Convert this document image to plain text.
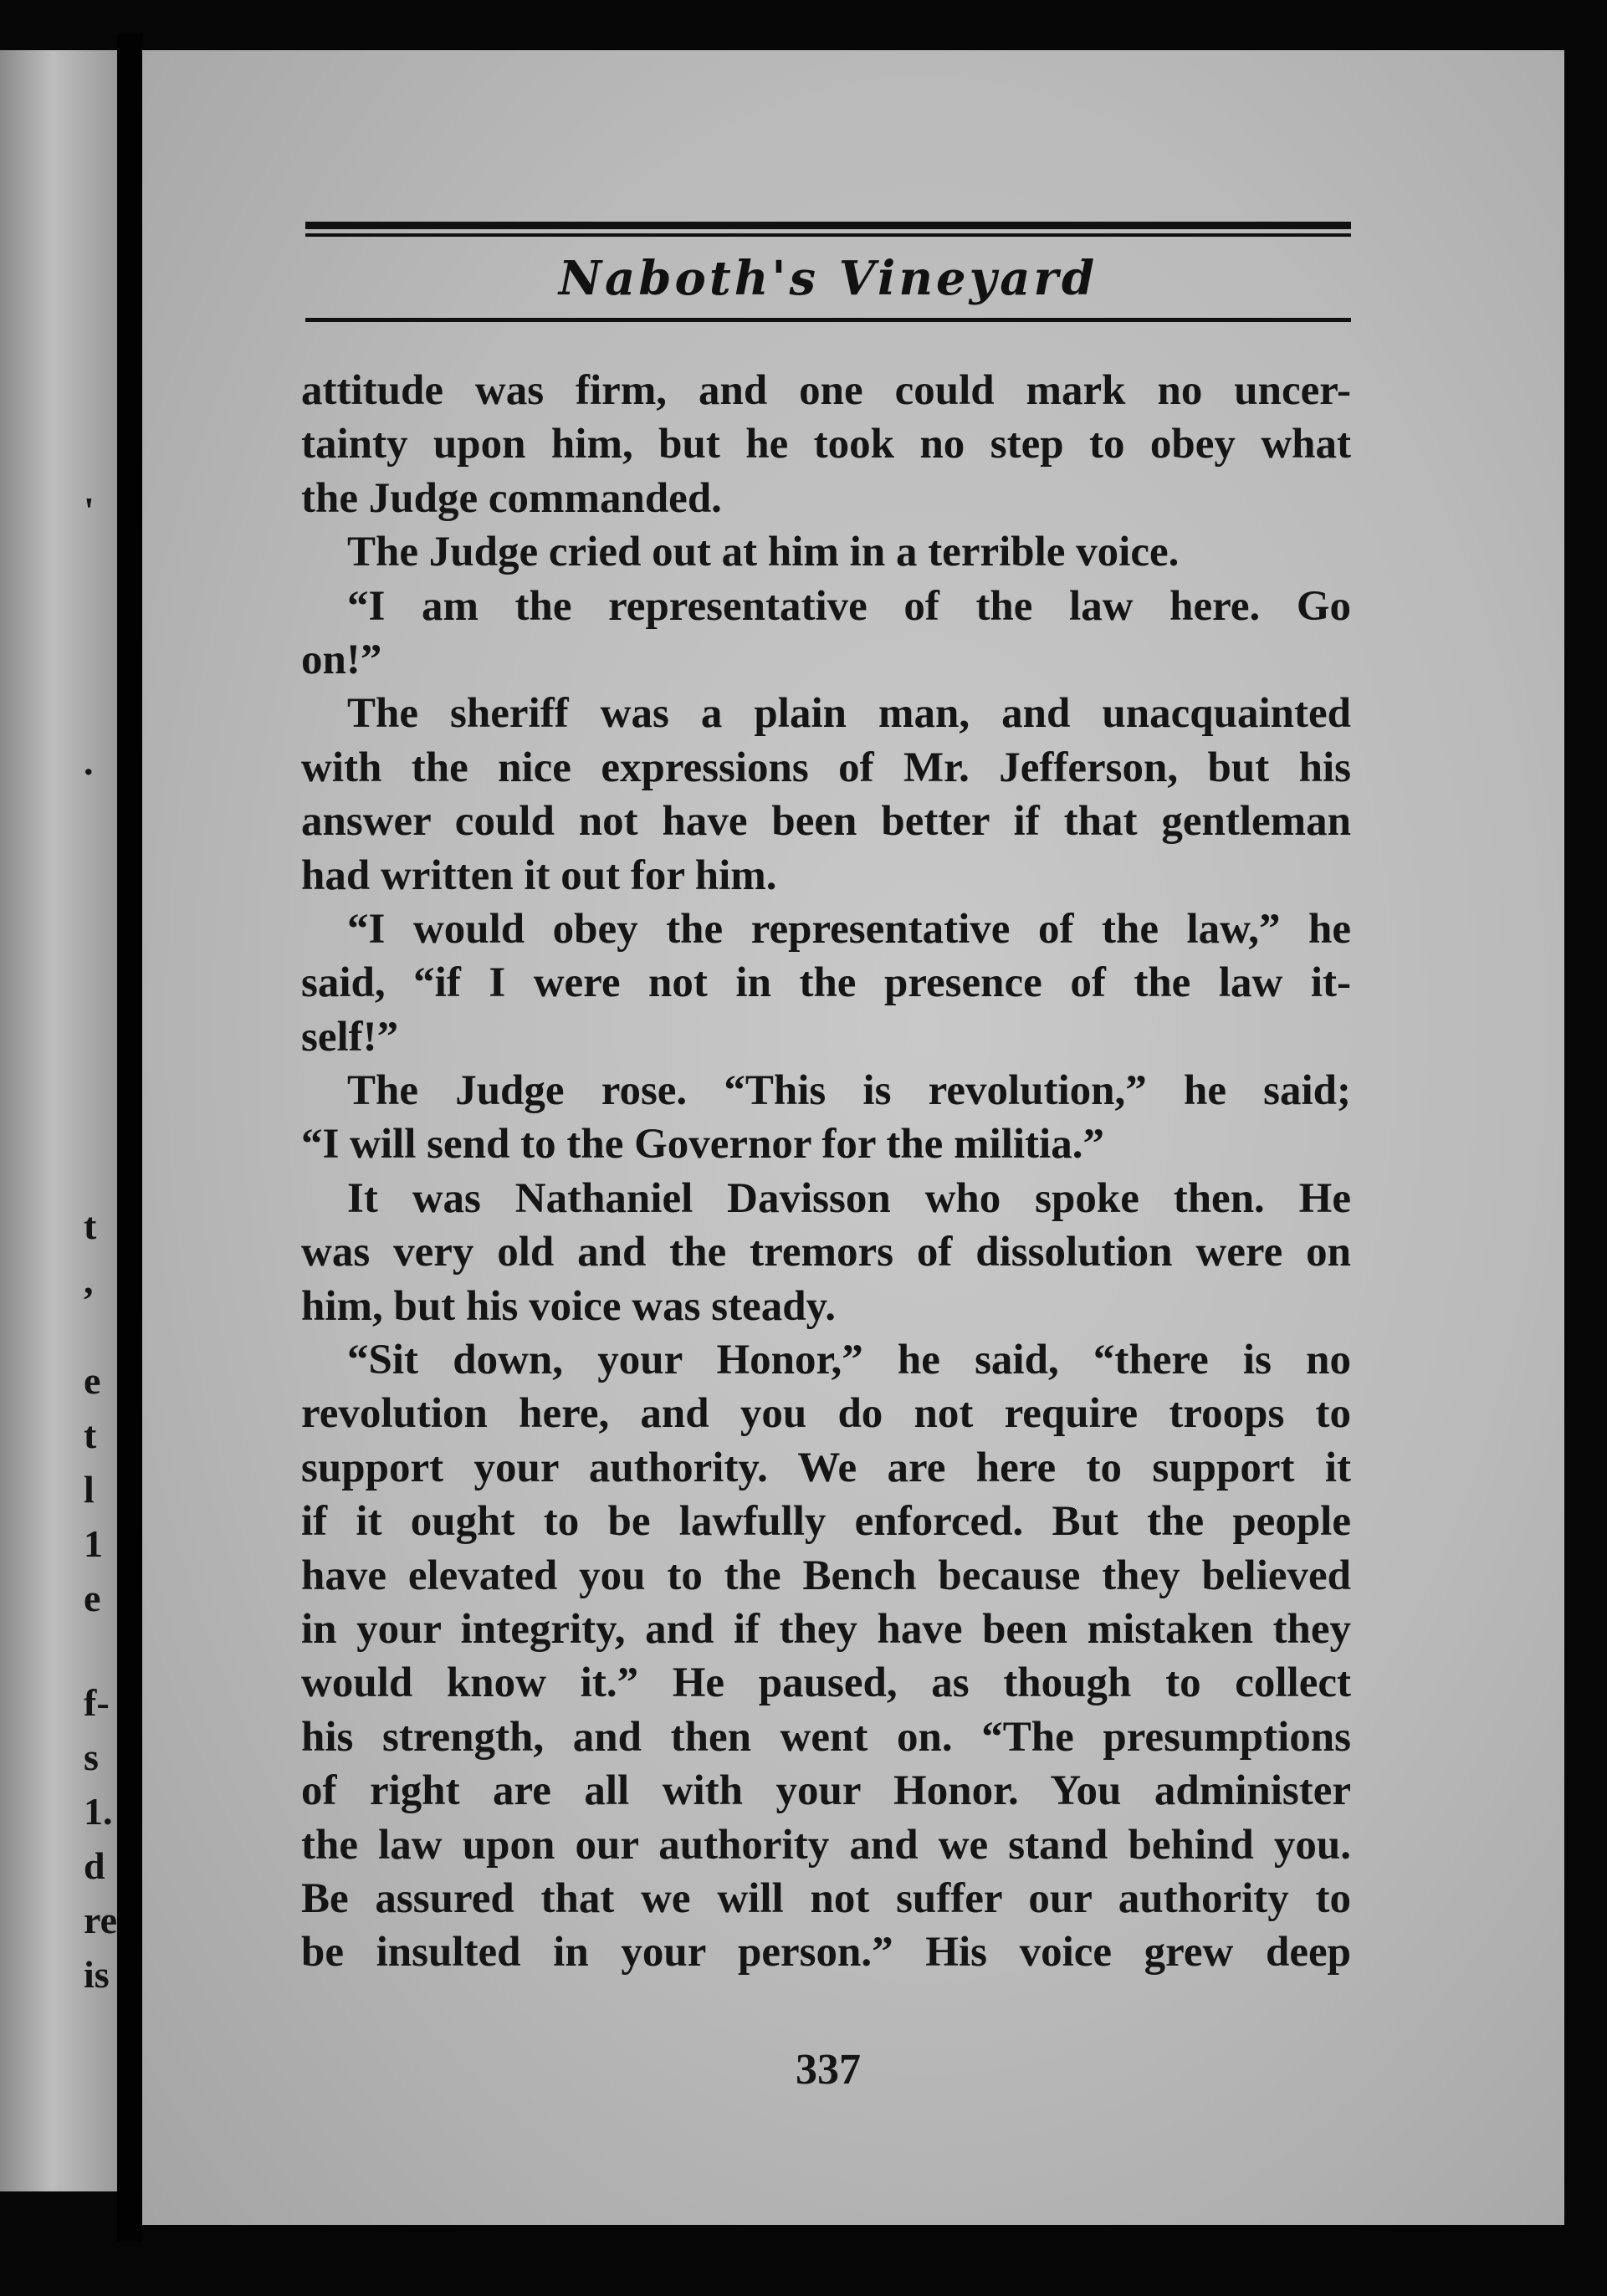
'
.
t
,
e
t
l
1
e
f-
s
1.
d
re
is
Naboth's Vineyard
attitude was firm, and one could mark no uncer-
tainty upon him, but he took no step to obey what
the Judge commanded.
The Judge cried out at him in a terrible voice.
“I am the representative of the law here. Go
on!”
The sheriff was a plain man, and unacquainted
with the nice expressions of Mr. Jefferson, but his
answer could not have been better if that gentleman
had written it out for him.
“I would obey the representative of the law,” he
said, “if I were not in the presence of the law it-
self!”
The Judge rose. “This is revolution,” he said;
“I will send to the Governor for the militia.”
It was Nathaniel Davisson who spoke then. He
was very old and the tremors of dissolution were on
him, but his voice was steady.
“Sit down, your Honor,” he said, “there is no
revolution here, and you do not require troops to
support your authority. We are here to support it
if it ought to be lawfully enforced. But the people
have elevated you to the Bench because they believed
in your integrity, and if they have been mistaken they
would know it.” He paused, as though to collect
his strength, and then went on. “The presumptions
of right are all with your Honor. You administer
the law upon our authority and we stand behind you.
Be assured that we will not suffer our authority to
be insulted in your person.” His voice grew deep
337
